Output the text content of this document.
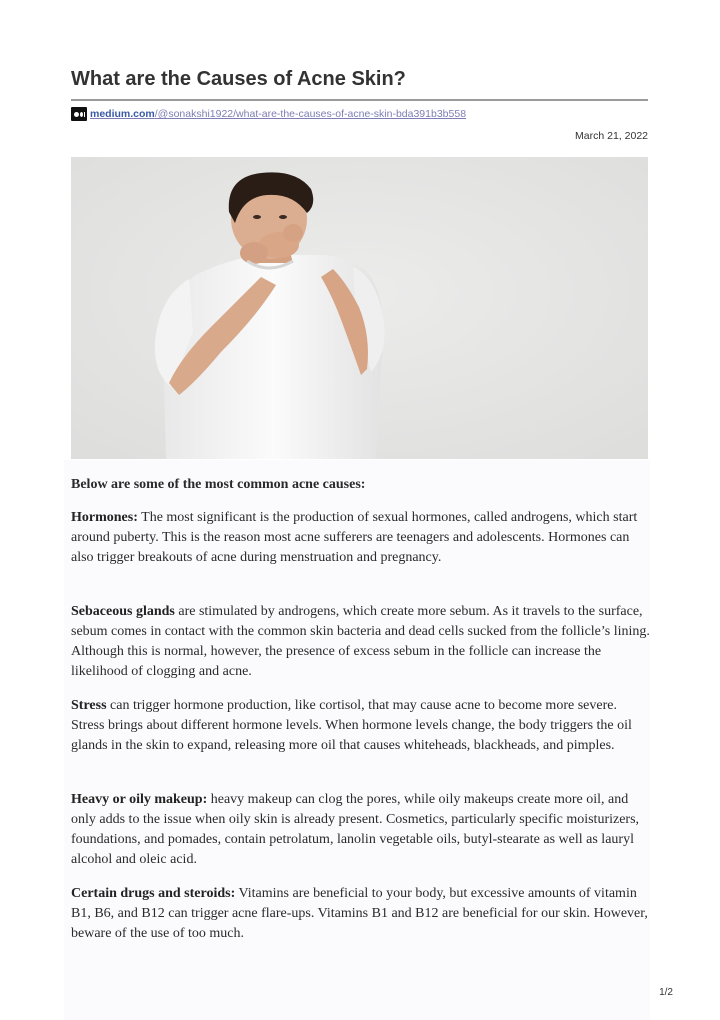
What are the Causes of Acne Skin?
medium.com/@sonakshi1922/what-are-the-causes-of-acne-skin-bda391b3b558
March 21, 2022

Below are some of the most common acne causes:

Hormones: The most significant is the production of sexual hormones, called androgens, which start around puberty. This is the reason most acne sufferers are teenagers and adolescents. Hormones can also trigger breakouts of acne during menstruation and pregnancy.

Sebaceous glands are stimulated by androgens, which create more sebum. As it travels to the surface, sebum comes in contact with the common skin bacteria and dead cells sucked from the follicle’s lining. Although this is normal, however, the presence of excess sebum in the follicle can increase the likelihood of clogging and acne.

Stress can trigger hormone production, like cortisol, that may cause acne to become more severe. Stress brings about different hormone levels. When hormone levels change, the body triggers the oil glands in the skin to expand, releasing more oil that causes whiteheads, blackheads, and pimples.

Heavy or oily makeup: heavy makeup can clog the pores, while oily makeups create more oil, and only adds to the issue when oily skin is already present. Cosmetics, particularly specific moisturizers, foundations, and pomades, contain petrolatum, lanolin vegetable oils, butyl-stearate as well as lauryl alcohol and oleic acid.

Certain drugs and steroids: Vitamins are beneficial to your body, but excessive amounts of vitamin B1, B6, and B12 can trigger acne flare-ups. Vitamins B1 and B12 are beneficial for our skin. However, beware of the use of too much.

1/2
